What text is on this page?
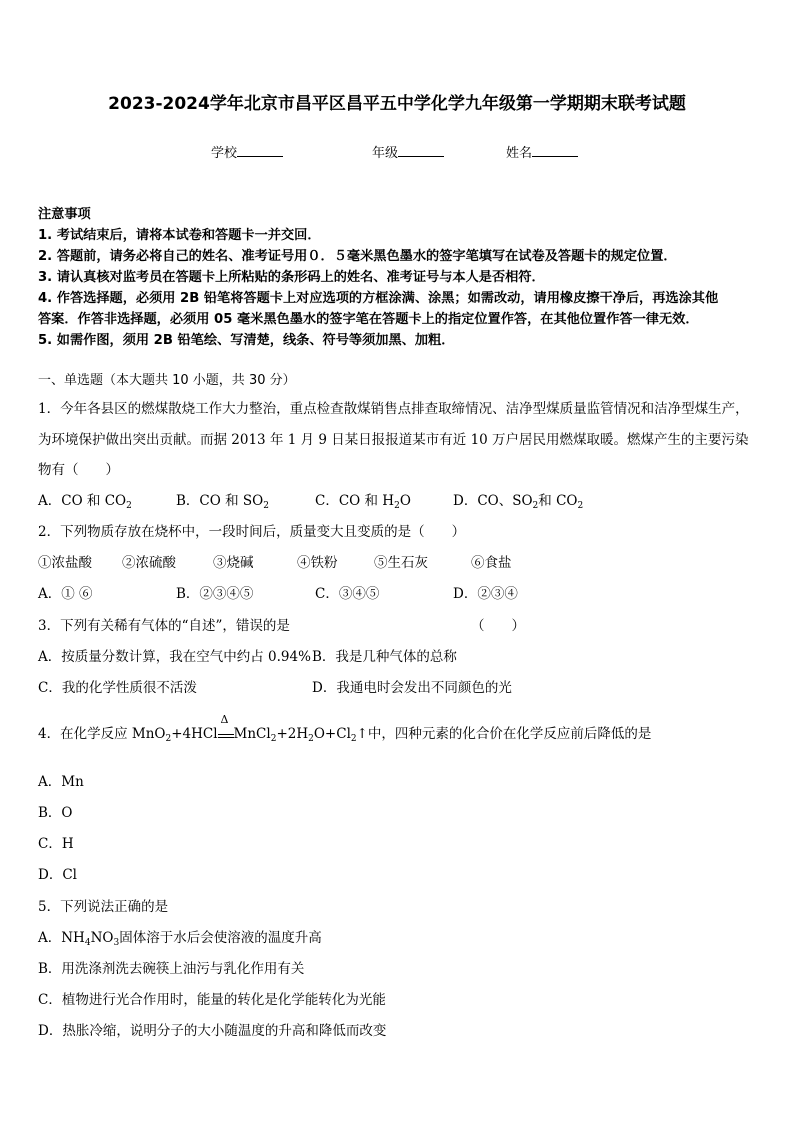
2023-2024学年北京市昌平区昌平五中学化学九年级第一学期期末联考试题
学校	年级	姓名
注意事项
1. 考试结束后，请将本试卷和答题卡一并交回．
2. 答题前，请务必将自己的姓名、准考证号用０．５毫米黑色墨水的签字笔填写在试卷及答题卡的规定位置．
3. 请认真核对监考员在答题卡上所粘贴的条形码上的姓名、准考证号与本人是否相符．
4. 作答选择题，必须用 2B 铅笔将答题卡上对应选项的方框涂满、涂黑；如需改动，请用橡皮擦干净后，再选涂其他
答案．作答非选择题，必须用 05 毫米黑色墨水的签字笔在答题卡上的指定位置作答，在其他位置作答一律无效．
5. 如需作图，须用 2B 铅笔绘、写清楚，线条、符号等须加黑、加粗．
一、单选题（本大题共 10 小题，共 30 分）
1．今年各县区的燃煤散烧工作大力整治，重点检查散煤销售点排查取缔情况、洁净型煤质量监管情况和洁净型煤生产，
为环境保护做出突出贡献。而据 2013 年 1 月 9 日某日报报道某市有近 10 万户居民用燃煤取暖。燃煤产生的主要污染
物有（　　）
A．CO 和 $CO_2$	B．CO 和 $SO_2$	C．CO 和 $H_2O$	D．CO、$SO_2$和 $CO_2$
2．下列物质存放在烧杯中，一段时间后，质量变大且变质的是（　　）
①浓盐酸 ②浓硫酸	③烧碱	④铁粉	⑤生石灰	⑥食盐
A．① ⑥	B．②③④⑤	C．③④⑤	D．②③④
3．下列有关稀有气体的“自述”，错误的是	（　　）
A．按质量分数计算，我在空气中约占 0.94% B．我是几种气体的总称
C．我的化学性质很不活泼	D．我通电时会发出不同颜色的光
4．在化学反应 MnO$_2$+4HCl
Δ
$MnCl_2+2H_2O+Cl_2↑$中，四种元素的化合价在化学反应前后降低的是
A．Mn
B．O
C．H
D．Cl
5．下列说法正确的是
A．$NH_4NO_3$固体溶于水后会使溶液的温度升高
B．用洗涤剂洗去碗筷上油污与乳化作用有关
C．植物进行光合作用时，能量的转化是化学能转化为光能
D．热胀冷缩，说明分子的大小随温度的升高和降低而改变
